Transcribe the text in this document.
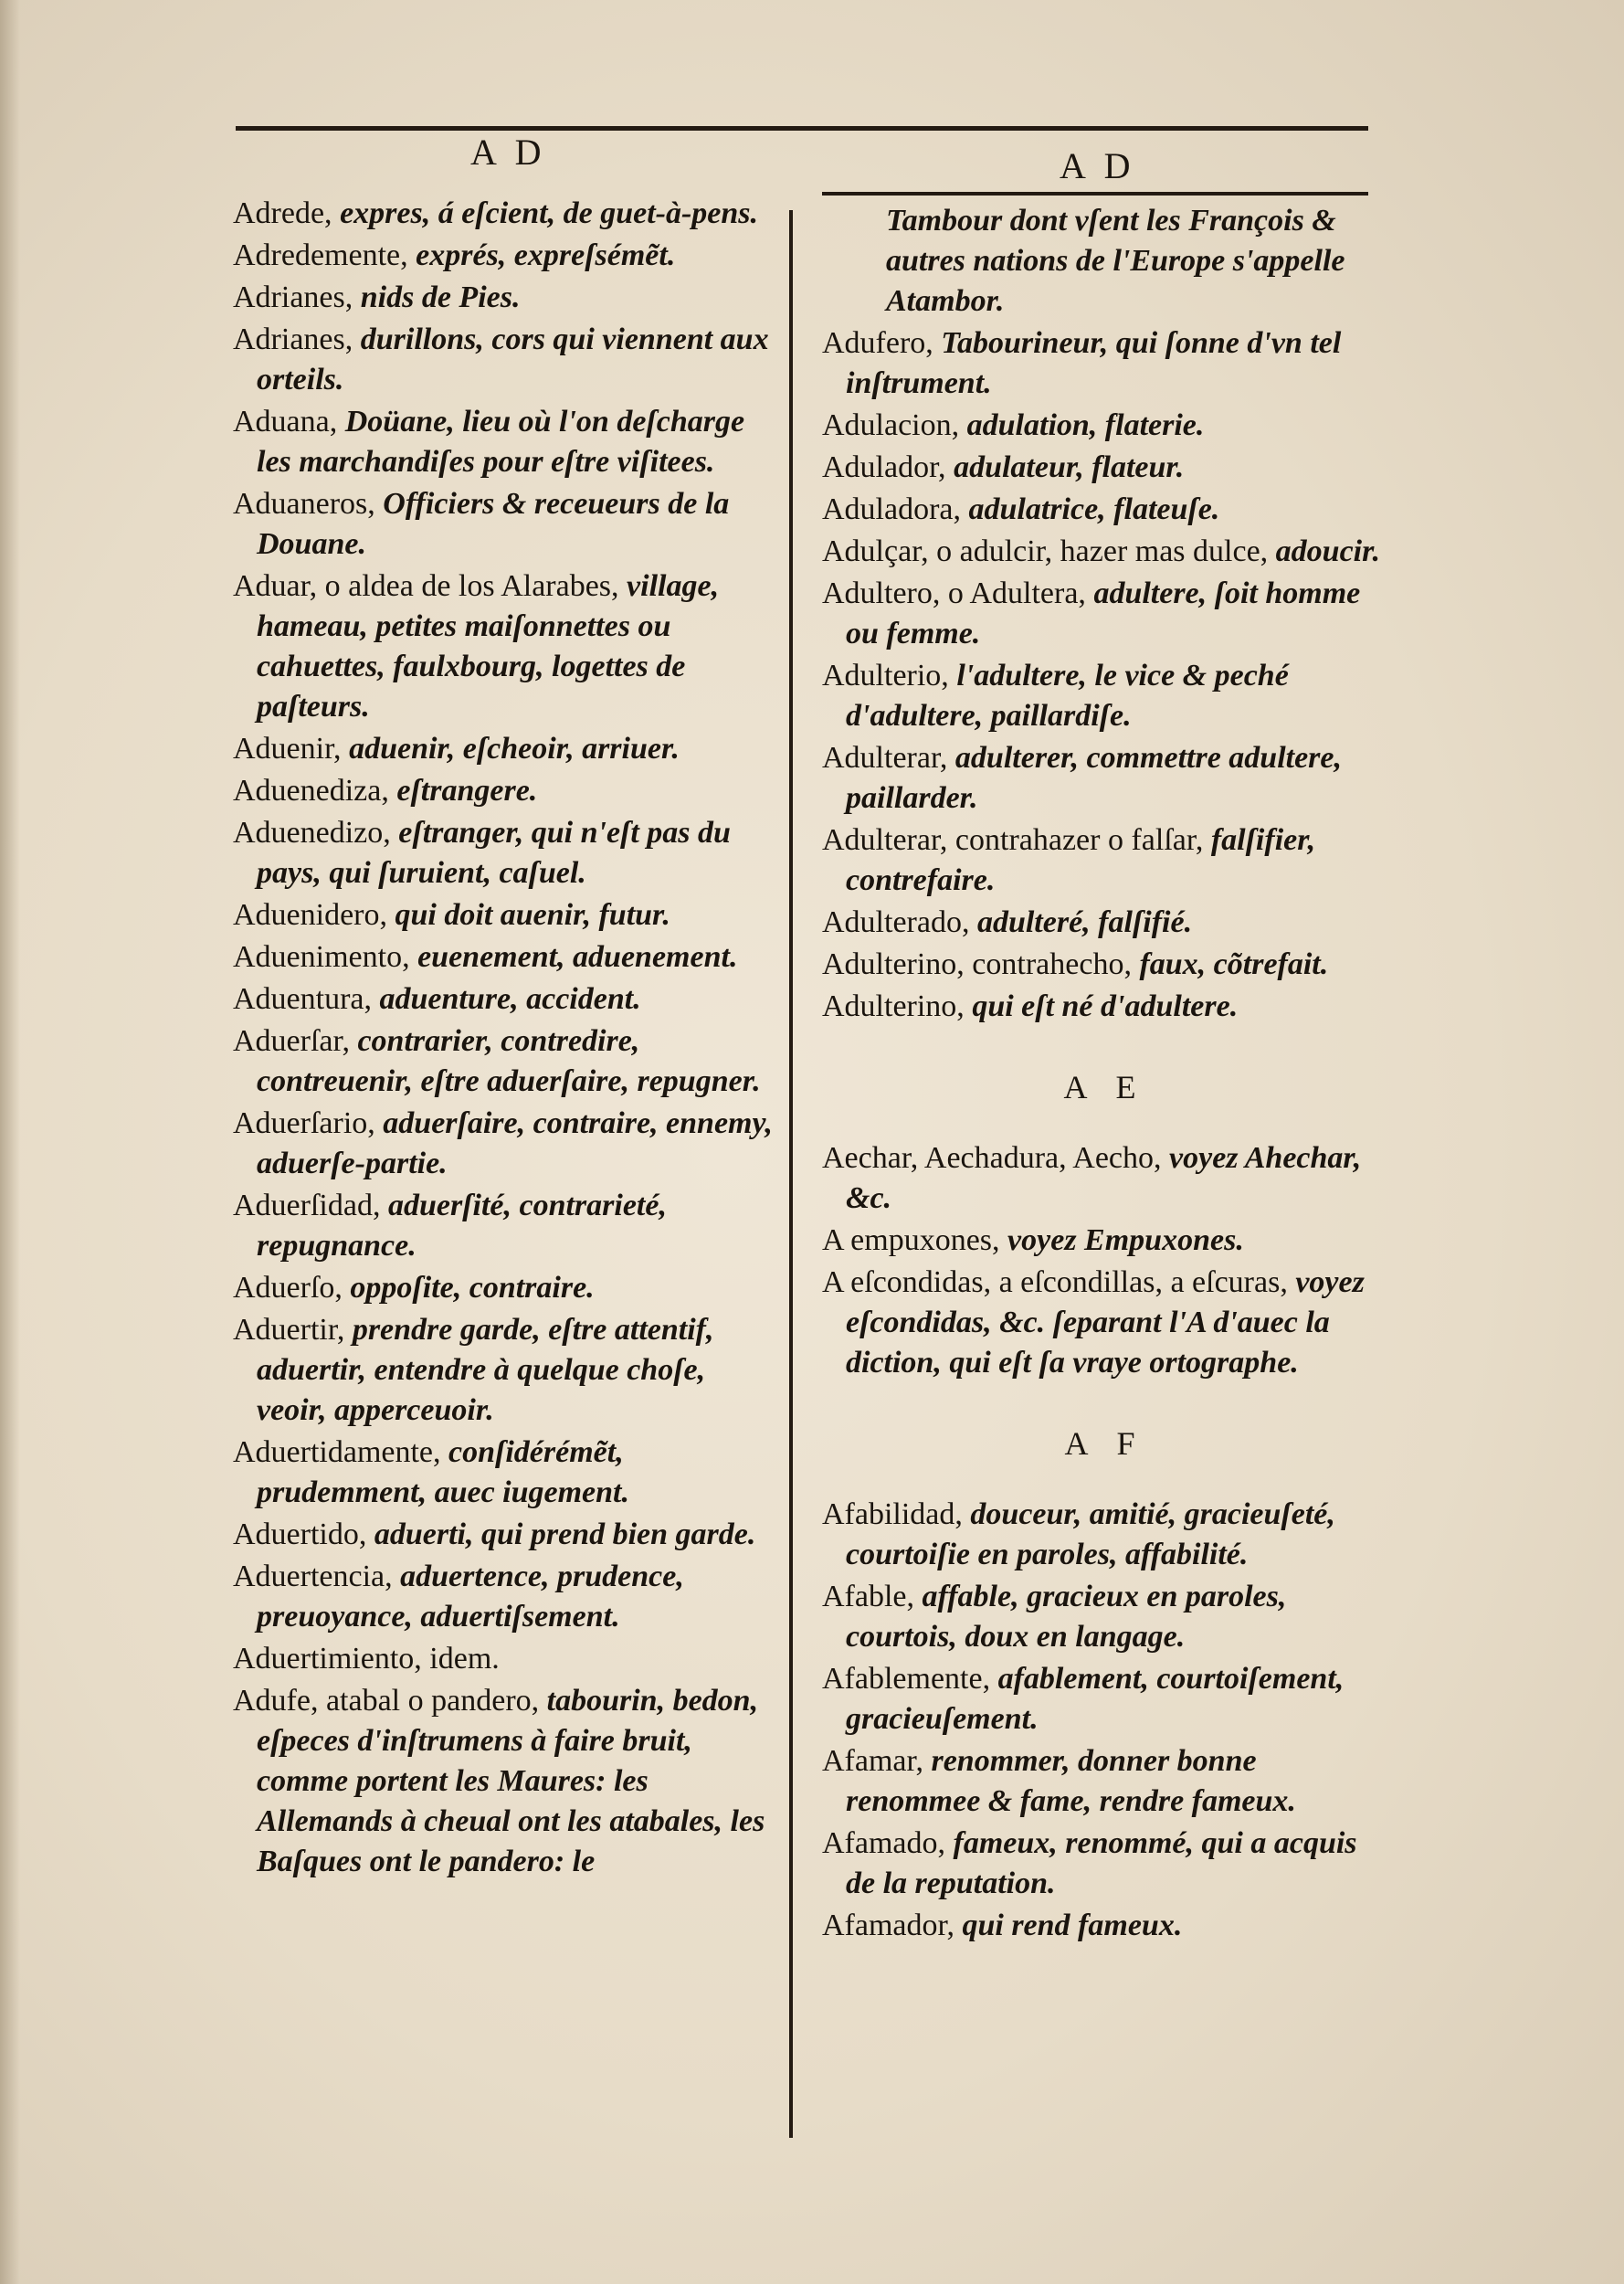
A D	A D
Adrede, expres, á eſcient, de guet-à-pens.
Adredemente, exprés, expreſsémẽt.
Adrianes, nids de Pies.
Adrianes, durillons, cors qui viennent aux orteils.
Aduana, Doüane, lieu où l'on deſcharge les marchandiſes pour eſtre viſitees.
Aduaneros, Officiers & receueurs de la Douane.
Aduar, o aldea de los Alarabes, village, hameau, petites maiſonnettes ou cahuettes, faulxbourg, logettes de paſteurs.
Aduenir, aduenir, eſcheoir, arriuer.
Aduenediza, eſtrangere.
Aduenedizo, eſtranger, qui n'eſt pas du pays, qui ſuruient, caſuel.
Aduenidero, qui doit auenir, futur.
Aduenimento, euenement, aduenement.
Aduentura, aduenture, accident.
Aduerſar, contrarier, contredire, contreuenir, eſtre aduerſaire, repugner.
Aduerſario, aduerſaire, contraire, ennemy, aduerſe-partie.
Aduerſidad, aduerſité, contrarieté, repugnance.
Aduerſo, oppoſite, contraire.
Aduertir, prendre garde, eſtre attentif, aduertir, entendre à quelque choſe, veoir, apperceuoir.
Aduertidamente, conſidérémẽt, prudemment, auec iugement.
Aduertido, aduerti, qui prend bien garde.
Aduertencia, aduertence, prudence, preuoyance, aduertiſsement.
Aduertimiento, idem.
Adufe, atabal o pandero, tabourin, bedon, eſpeces d'inſtrumens à faire bruit, comme portent les Maures: les Allemands à cheual ont les atabales, les Baſques ont le pandero: le
Tambour dont vſent les François & autres nations de l'Europe s'appelle Atambor.
Adufero, Tabourineur, qui ſonne d'vn tel inſtrument.
Adulacion, adulation, flaterie.
Adulador, adulateur, flateur.
Aduladora, adulatrice, flateuſe.
Adulçar, o adulcir, hazer mas dulce, adoucir.
Adultero, o Adultera, adultere, ſoit homme ou femme.
Adulterio, l'adultere, le vice & peché d'adultere, paillardiſe.
Adulterar, adulterer, commettre adultere, paillarder.
Adulterar, contrahazer o falſar, falſifier, contrefaire.
Adulterado, adulteré, falſifié.
Adulterino, contrahecho, faux, cõtrefait.
Adulterino, qui eſt né d'adultere.
A E
Aechar, Aechadura, Aecho, voyez Ahechar, &c.
A empuxones, voyez Empuxones.
A eſcondidas, a eſcondillas, a eſcuras, voyez eſcondidas, &c. ſeparant l'A d'auec la diction, qui eſt ſa vraye ortographe.
A F
Afabilidad, douceur, amitié, gracieuſeté, courtoiſie en paroles, affabilité.
Afable, affable, gracieux en paroles, courtois, doux en langage.
Afablemente, afablement, courtoiſement, gracieuſement.
Afamar, renommer, donner bonne renommee & fame, rendre fameux.
Afamado, fameux, renommé, qui a acquis de la reputation.
Afamador, qui rend fameux.
